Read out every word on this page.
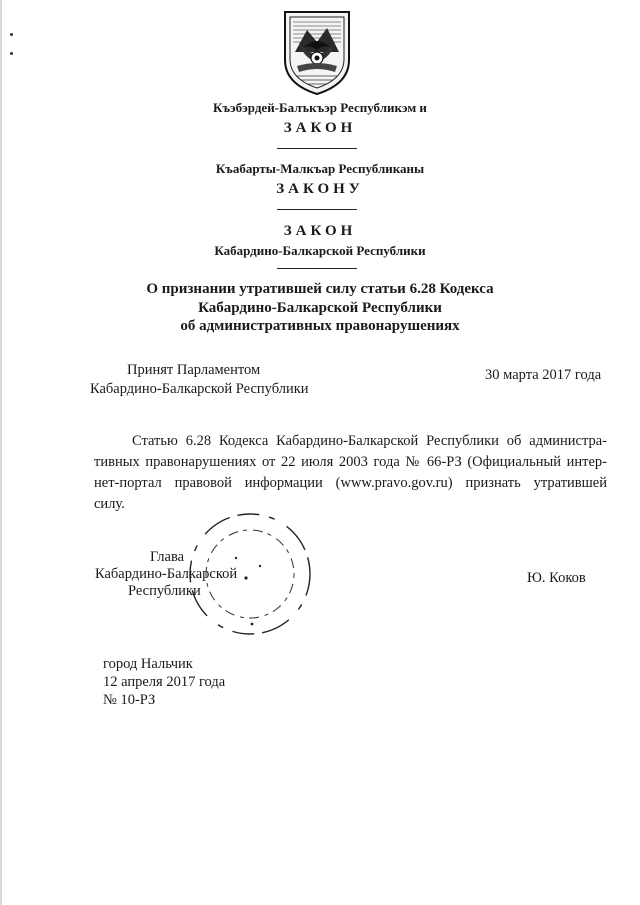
Къэбэрдей-Балъкъэр Республикэм и
ЗАКОН
Къабарты-Малкъар Республиканы
ЗАКОНУ
ЗАКОН
Кабардино-Балкарской Республики
О признании утратившей силу статьи 6.28 Кодекса
Кабардино-Балкарской Республики
об административных правонарушениях
Принят Парламентом
Кабардино-Балкарской Республики
30 марта 2017 года
Статью 6.28 Кодекса Кабардино-Балкарской Республики об администра-
тивных правонарушениях от 22 июля 2003 года № 66-РЗ (Официальный интер-
нет-портал правовой информации (www.pravo.gov.ru) признать утратившей
силу.
Глава
Кабардино-Балкарской
Республики
Ю. Коков
город Нальчик
12 апреля 2017 года
№ 10-РЗ
